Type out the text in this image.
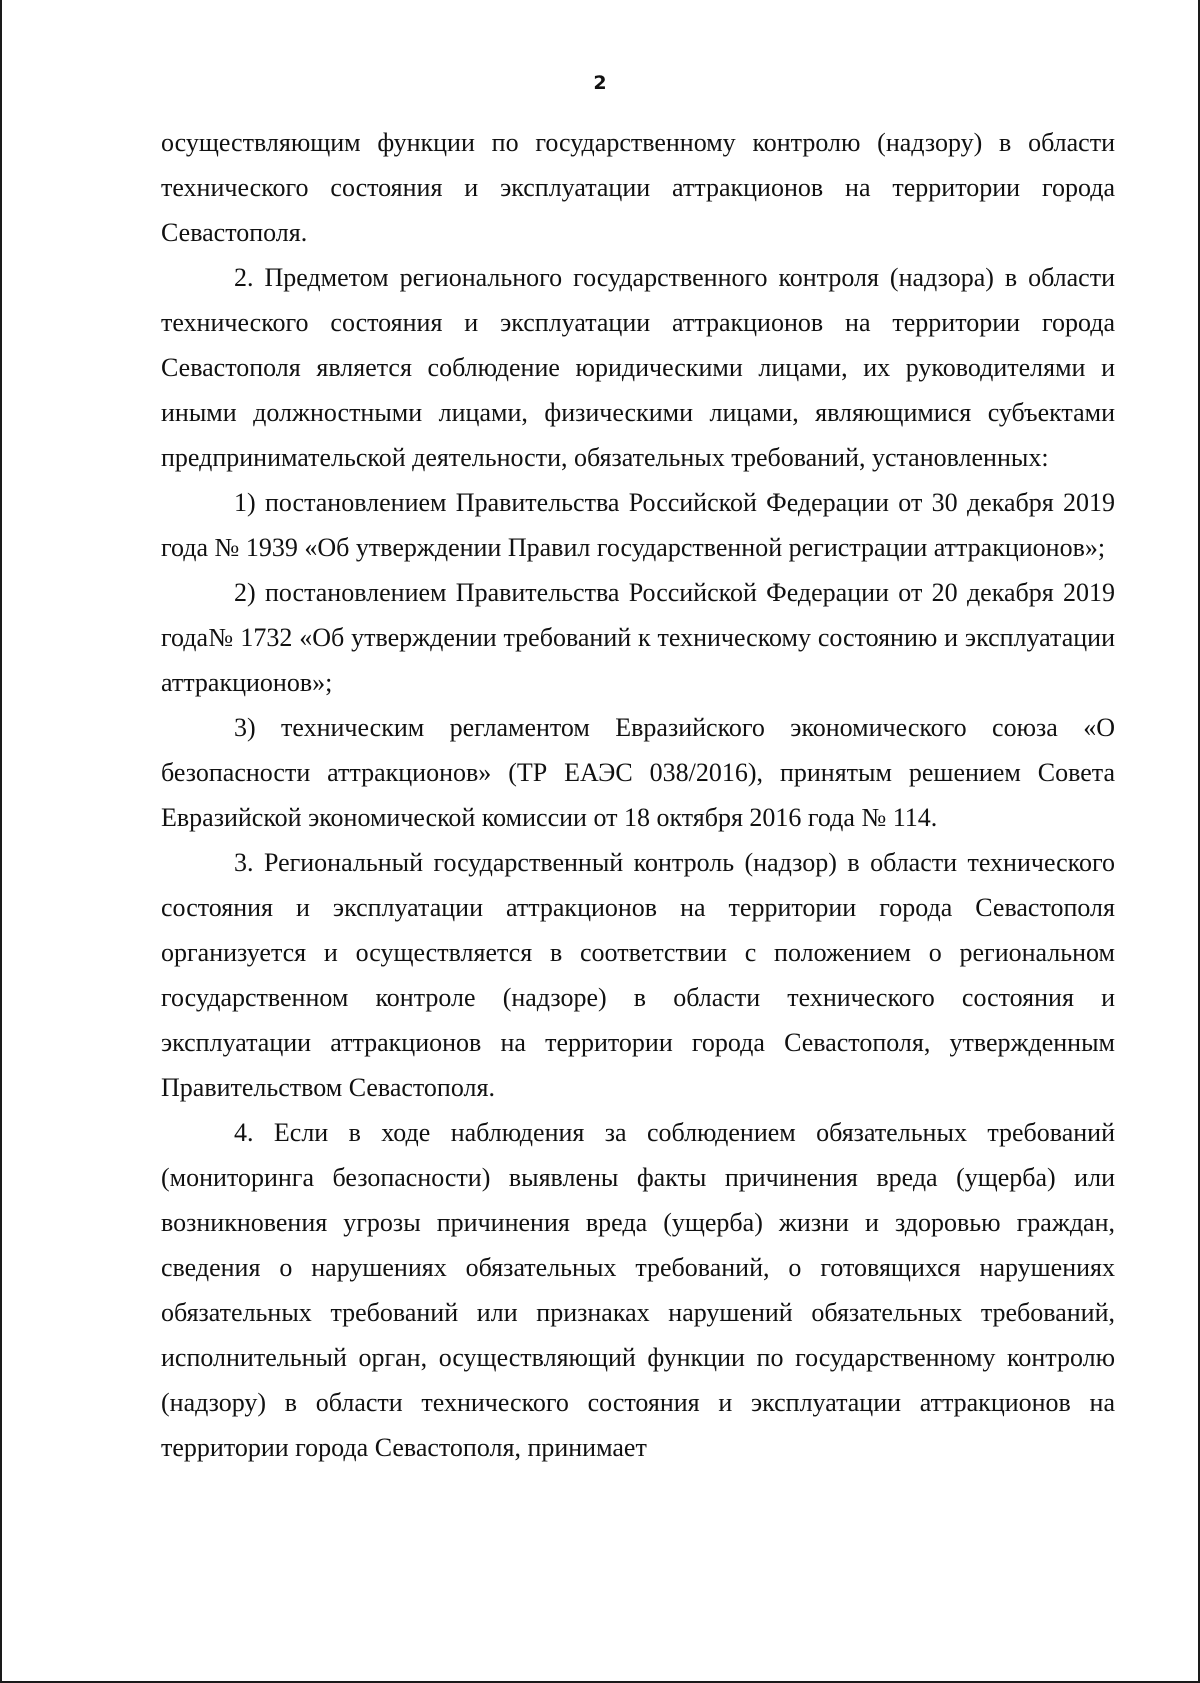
2

осуществляющим функции по государственному контролю (надзору) в области технического состояния и эксплуатации аттракционов на территории города Севастополя.

2. Предметом регионального государственного контроля (надзора) в области технического состояния и эксплуатации аттракционов на территории города Севастополя является соблюдение юридическими лицами, их руководителями и иными должностными лицами, физическими лицами, являющимися субъектами предпринимательской деятельности, обязательных требований, установленных:

1) постановлением Правительства Российской Федерации от 30 декабря 2019 года № 1939 «Об утверждении Правил государственной регистрации аттракционов»;

2) постановлением Правительства Российской Федерации от 20 декабря 2019 года№ 1732 «Об утверждении требований к техническому состоянию и эксплуатации аттракционов»;

3) техническим регламентом Евразийского экономического союза «О безопасности аттракционов» (ТР ЕАЭС 038/2016), принятым решением Совета Евразийской экономической комиссии от 18 октября 2016 года № 114.

3. Региональный государственный контроль (надзор) в области технического состояния и эксплуатации аттракционов на территории города Севастополя организуется и осуществляется в соответствии с положением о региональном государственном контроле (надзоре) в области технического состояния и эксплуатации аттракционов на территории города Севастополя, утвержденным Правительством Севастополя.

4. Если в ходе наблюдения за соблюдением обязательных требований (мониторинга безопасности) выявлены факты причинения вреда (ущерба) или возникновения угрозы причинения вреда (ущерба) жизни и здоровью граждан, сведения о нарушениях обязательных требований, о готовящихся нарушениях обязательных требований или признаках нарушений обязательных требований, исполнительный орган, осуществляющий функции по государственному контролю (надзору) в области технического состояния и эксплуатации аттракционов на территории города Севастополя, принимает
